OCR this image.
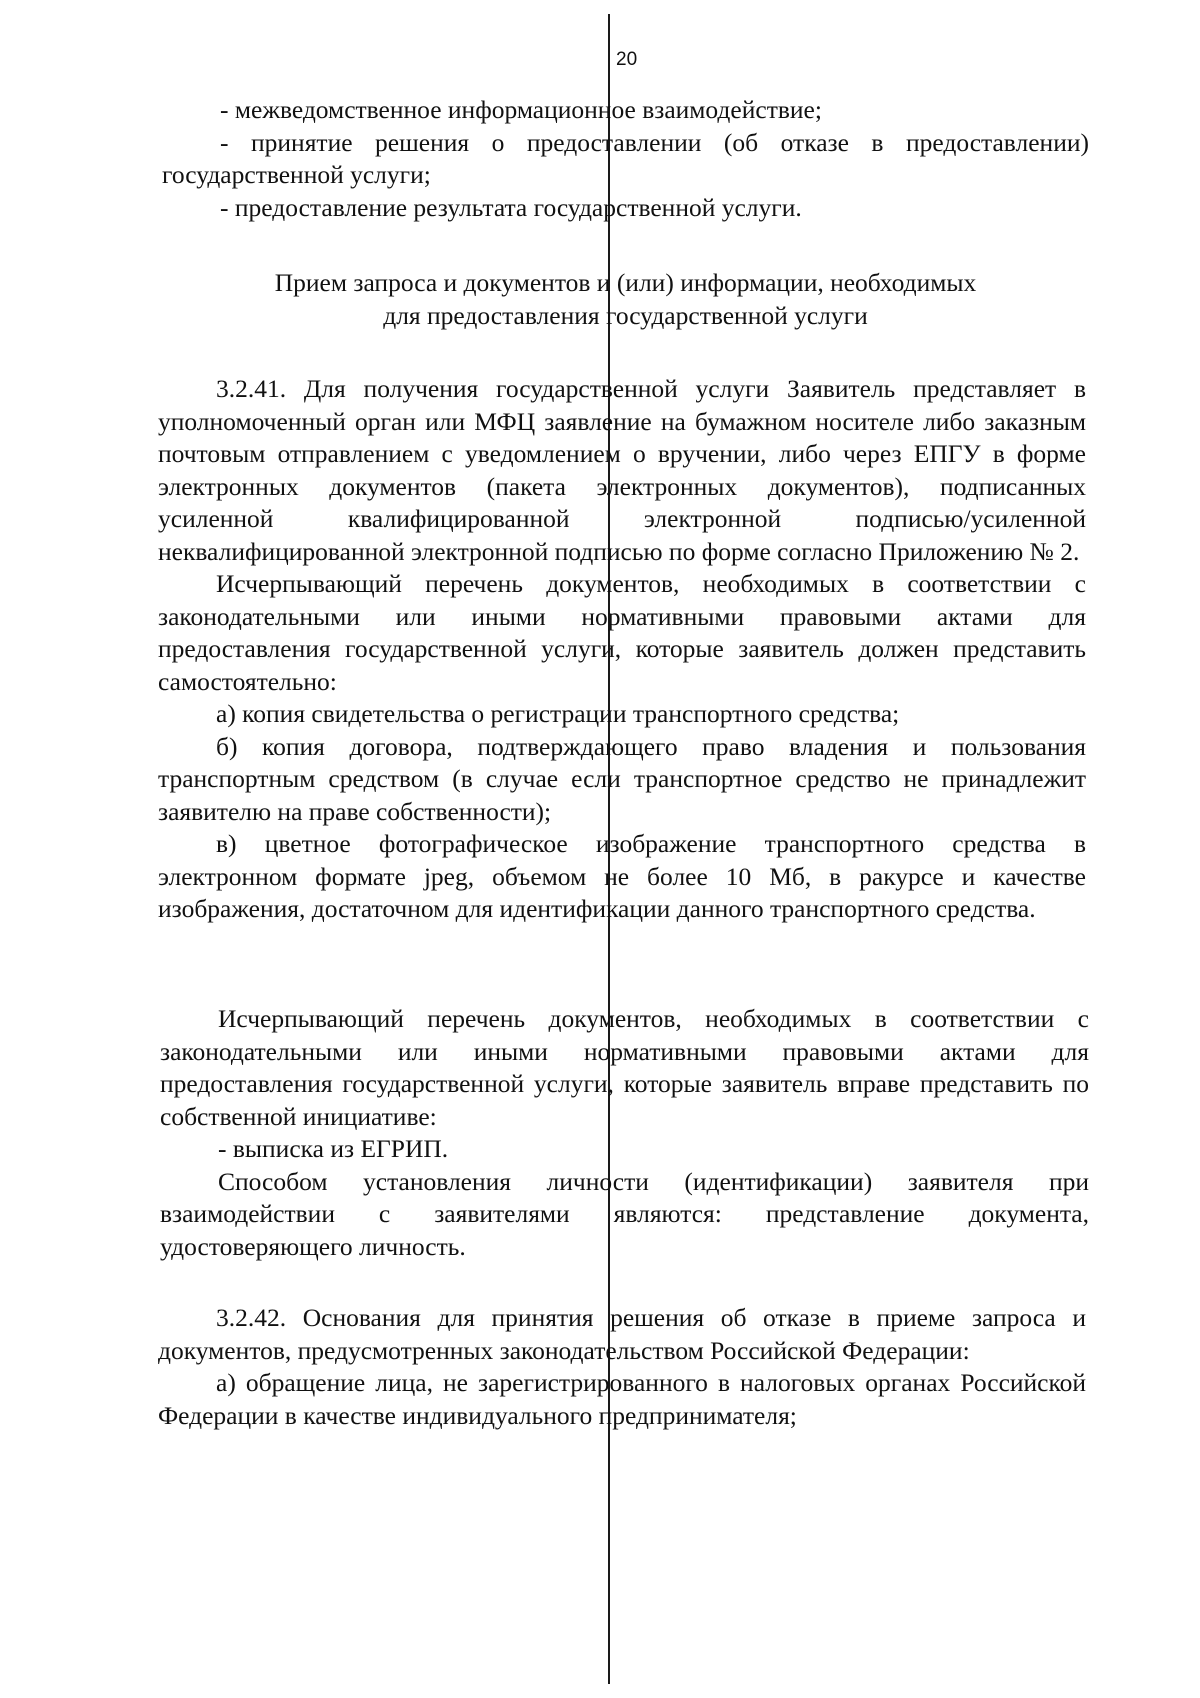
20

- межведомственное информационное взаимодействие;

- принятие решения о предоставлении (об отказе в предоставлении) государственной услуги;

- предоставление результата государственной услуги.

Прием запроса и документов и (или) информации, необходимых
для предоставления государственной услуги

3.2.41. Для получения государственной услуги Заявитель представляет в уполномоченный орган или МФЦ заявление на бумажном носителе либо заказным почтовым отправлением с уведомлением о вручении, либо через ЕПГУ в форме электронных документов (пакета электронных документов), подписанных усиленной квалифицированной электронной подписью/усиленной неквалифицированной электронной подписью по форме согласно Приложению № 2.

Исчерпывающий перечень документов, необходимых в соответствии с законодательными или иными нормативными правовыми актами для предоставления государственной услуги, которые заявитель должен представить самостоятельно:

а) копия свидетельства о регистрации транспортного средства;

б) копия договора, подтверждающего право владения и пользования транспортным средством (в случае если транспортное средство не принадлежит заявителю на праве собственности);

в) цветное фотографическое изображение транспортного средства в электронном формате jpeg, объемом не более 10 Мб, в ракурсе и качестве изображения, достаточном для идентификации данного транспортного средства.

Исчерпывающий перечень документов, необходимых в соответствии с законодательными или иными нормативными правовыми актами для предоставления государственной услуги, которые заявитель вправе представить по собственной инициативе:

- выписка из ЕГРИП.

Способом установления личности (идентификации) заявителя при взаимодействии с заявителями являются: представление документа, удостоверяющего личность.

3.2.42. Основания для принятия решения об отказе в приеме запроса и документов, предусмотренных законодательством Российской Федерации:

а) обращение лица, не зарегистрированного в налоговых органах Российской Федерации в качестве индивидуального предпринимателя;
